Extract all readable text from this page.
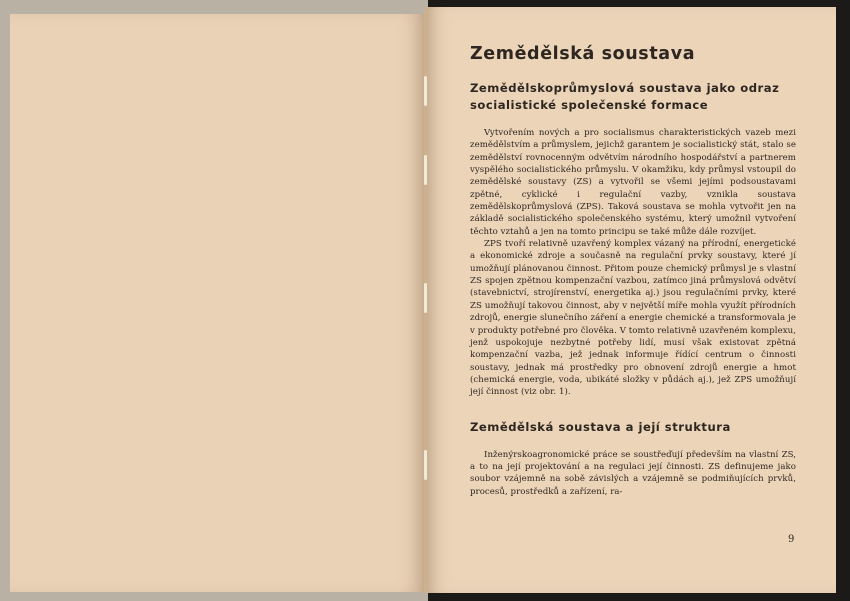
Zemědělská soustava
Zemědělskoprůmyslová soustava jako odraz socialistické společenské formace

Vytvořením nových a pro socialismus charakteristických vazeb mezi zemědělstvím a průmyslem, jejichž garantem je socialistický stát, stalo se zemědělství rovnocenným odvětvím národního hospodářství a partnerem vyspělého socialistického průmyslu. V okamžiku, kdy průmysl vstoupil do zemědělské soustavy (ZS) a vytvořil se všemi jejími podsoustavami zpětné, cyklické i regulační vazby, vznikla soustava zemědělskoprůmyslová (ZPS). Taková soustava se mohla vytvořit jen na základě socialistického společenského systému, který umožnil vytvoření těchto vztahů a jen na tomto principu se také může dále rozvíjet.

ZPS tvoří relativně uzavřený komplex vázaný na přírodní, energetické a ekonomické zdroje a současně na regulační prvky soustavy, které jí umožňují plánovanou činnost. Přitom pouze chemický průmysl je s vlastní ZS spojen zpětnou kompenzační vazbou, zatímco jiná průmyslová odvětví (stavebnictví, strojírenství, energetika aj.) jsou regulačními prvky, které ZS umožňují takovou činnost, aby v největší míře mohla využít přírodních zdrojů, energie slunečního záření a energie chemické a transformovala je v produkty potřebné pro člověka. V tomto relativně uzavřeném komplexu, jenž uspokojuje nezbytné potřeby lidí, musí však existovat zpětná kompenzační vazba, jež jednak informuje řídící centrum o činnosti soustavy, jednak má prostředky pro obnovení zdrojů energie a hmot (chemická energie, voda, ubikáté složky v půdách aj.), jež ZPS umožňují její činnost (viz obr. 1).

Zemědělská soustava a její struktura

Inženýrskoagronomické práce se soustřeďují především na vlastní ZS, a to na její projektování a na regulaci její činnosti. ZS definujeme jako soubor vzájemně na sobě závislých a vzájemně se podmiňujících prvků, procesů, prostředků a zařízení, ra-

9
